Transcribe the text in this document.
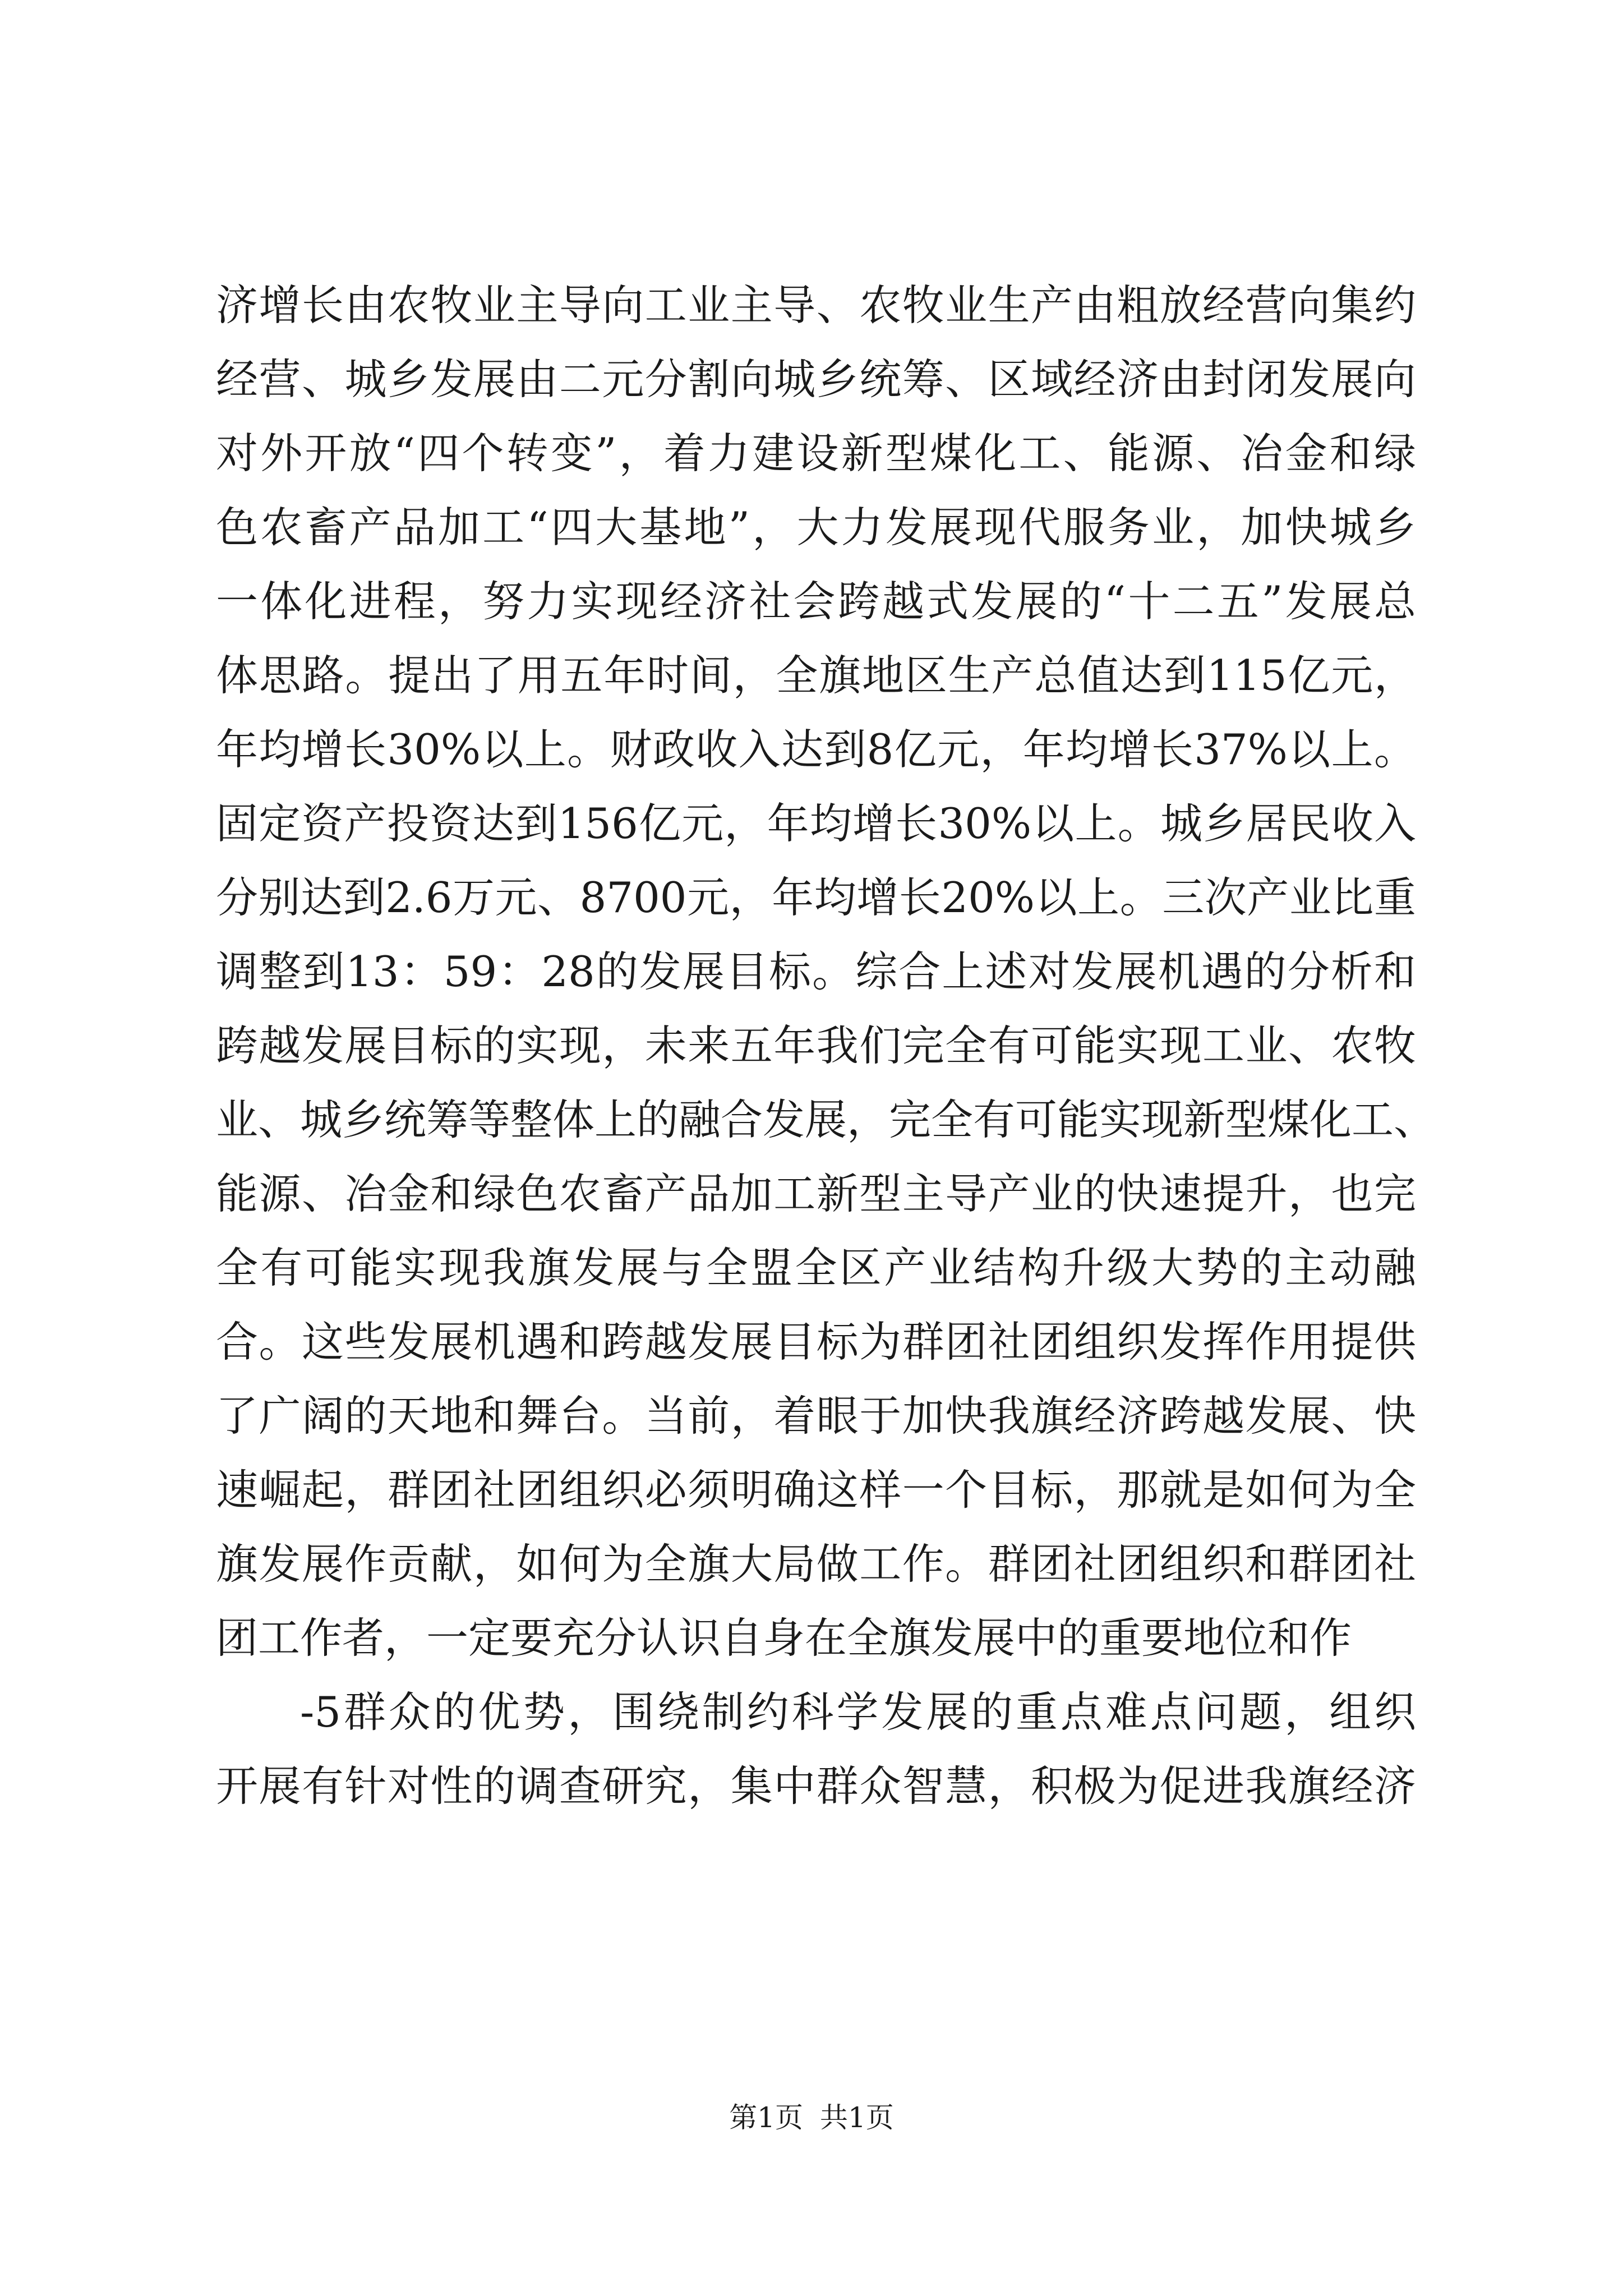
济增长由农牧业主导向工业主导、农牧业生产由粗放经营向集约
经营、城乡发展由二元分割向城乡统筹、区域经济由封闭发展向
对外开放“四个转变”，着力建设新型煤化工、能源、冶金和绿
色农畜产品加工“四大基地”，大力发展现代服务业，加快城乡
一体化进程，努力实现经济社会跨越式发展的“十二五”发展总
体思路。提出了用五年时间，全旗地区生产总值达到115亿元，
年均增长30%以上。财政收入达到8亿元，年均增长37%以上。
固定资产投资达到156亿元，年均增长30%以上。城乡居民收入
分别达到2.6万元、8700元，年均增长20%以上。三次产业比重
调整到13：59：28的发展目标。综合上述对发展机遇的分析和
跨越发展目标的实现，未来五年我们完全有可能实现工业、农牧
业、城乡统筹等整体上的融合发展，完全有可能实现新型煤化工、
能源、冶金和绿色农畜产品加工新型主导产业的快速提升，也完
全有可能实现我旗发展与全盟全区产业结构升级大势的主动融
合。这些发展机遇和跨越发展目标为群团社团组织发挥作用提供
了广阔的天地和舞台。当前，着眼于加快我旗经济跨越发展、快
速崛起，群团社团组织必须明确这样一个目标，那就是如何为全
旗发展作贡献，如何为全旗大局做工作。群团社团组织和群团社
团工作者，一定要充分认识自身在全旗发展中的重要地位和作
-5群众的优势，围绕制约科学发展的重点难点问题，组织
开展有针对性的调查研究，集中群众智慧，积极为促进我旗经济
第1页 共1页
